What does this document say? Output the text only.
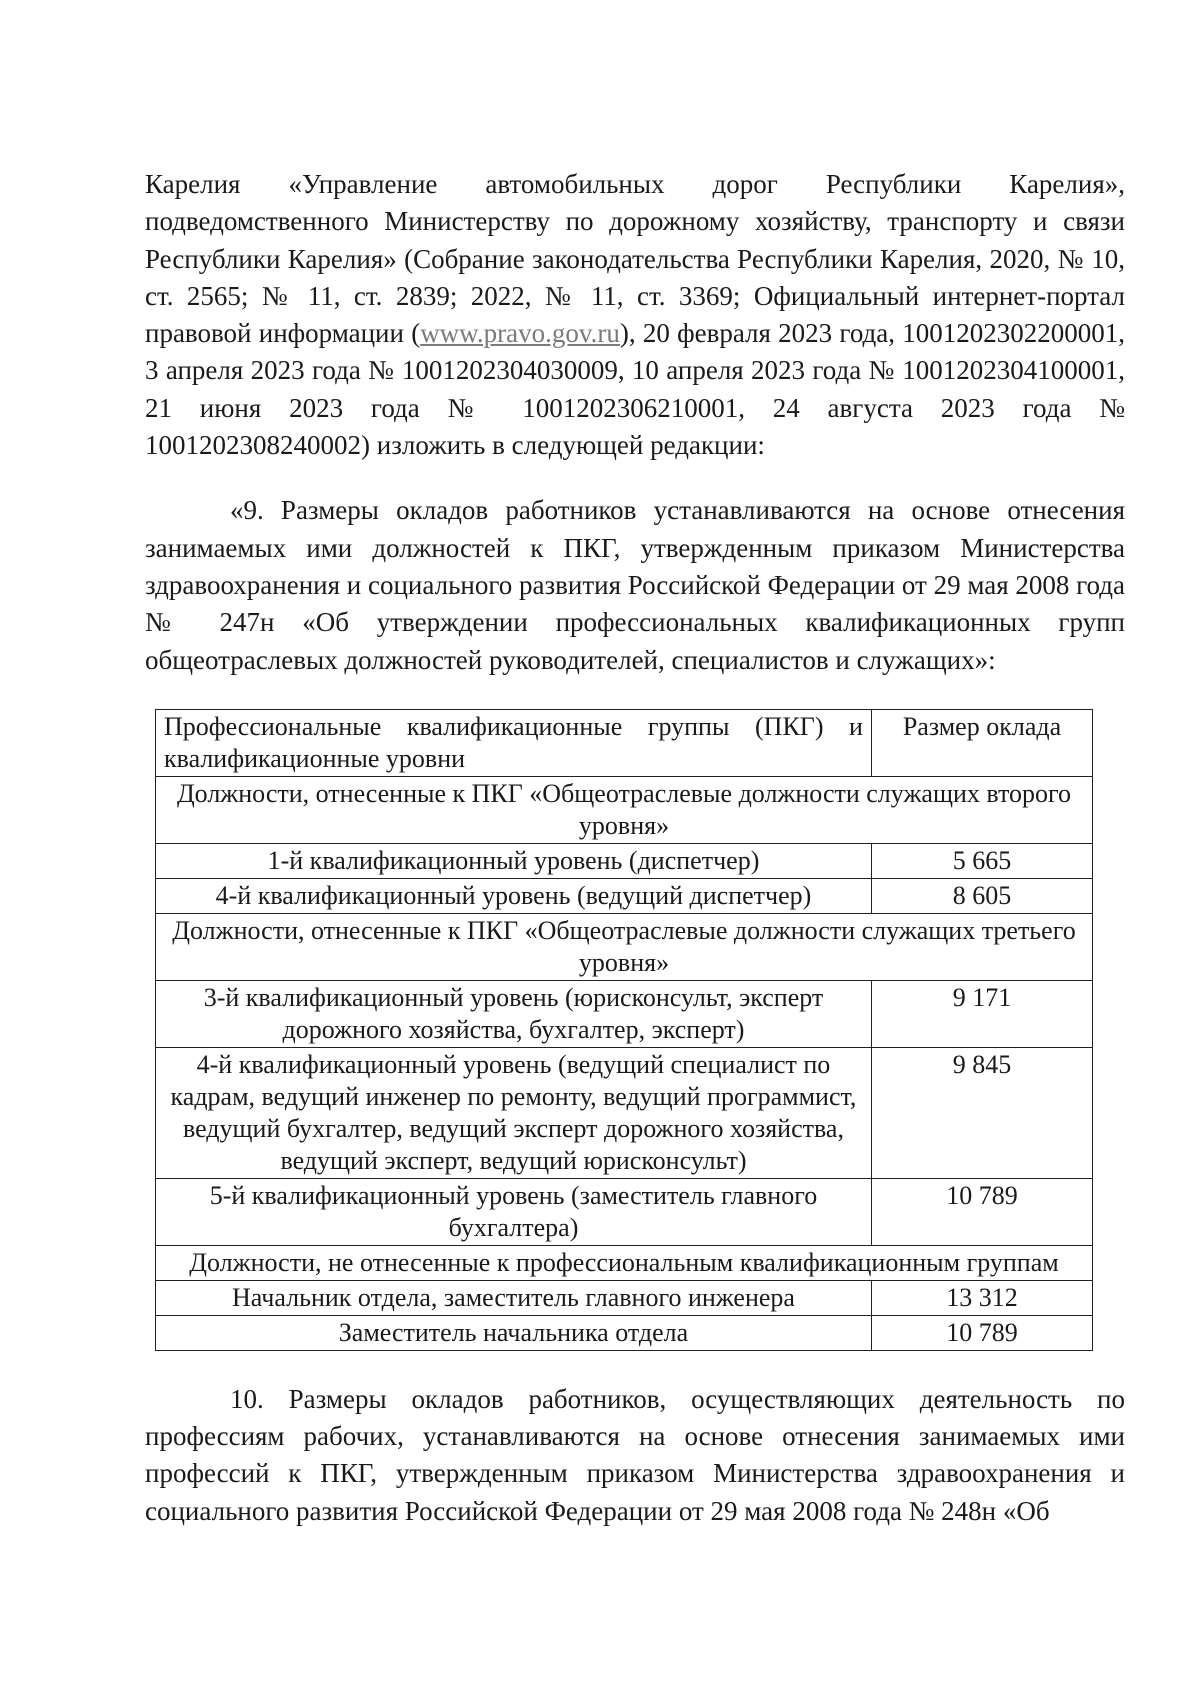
Карелия «Управление автомобильных дорог Республики Карелия», подведомственного Министерству по дорожному хозяйству, транспорту и связи Республики Карелия» (Собрание законодательства Республики Карелия, 2020, № 10, ст. 2565; № 11, ст. 2839; 2022, № 11, ст. 3369; Официальный интернет-портал правовой информации (www.pravo.gov.ru), 20 февраля 2023 года, 1001202302200001, 3 апреля 2023 года № 1001202304030009, 10 апреля 2023 года № 1001202304100001, 21 июня 2023 года № 1001202306210001, 24 августа 2023 года № 1001202308240002) изложить в следующей редакции:

«9. Размеры окладов работников устанавливаются на основе отнесения занимаемых ими должностей к ПКГ, утвержденным приказом Министерства здравоохранения и социального развития Российской Федерации от 29 мая 2008 года № 247н «Об утверждении профессиональных квалификационных групп общеотраслевых должностей руководителей, специалистов и служащих»:

Профессиональные квалификационные группы (ПКГ) и квалификационные уровни	Размер оклада
Должности, отнесенные к ПКГ «Общеотраслевые должности служащих второго уровня»	
1-й квалификационный уровень (диспетчер)	5 665
4-й квалификационный уровень (ведущий диспетчер)	8 605
Должности, отнесенные к ПКГ «Общеотраслевые должности служащих третьего уровня»	
3-й квалификационный уровень (юрисконсульт, эксперт дорожного хозяйства, бухгалтер, эксперт)	9 171
4-й квалификационный уровень (ведущий специалист по кадрам, ведущий инженер по ремонту, ведущий программист, ведущий бухгалтер, ведущий эксперт дорожного хозяйства, ведущий эксперт, ведущий юрисконсульт)	9 845
5-й квалификационный уровень (заместитель главного бухгалтера)	10 789
Должности, не отнесенные к профессиональным квалификационным группам	
Начальник отдела, заместитель главного инженера	13 312
Заместитель начальника отдела	10 789

10. Размеры окладов работников, осуществляющих деятельность по профессиям рабочих, устанавливаются на основе отнесения занимаемых ими профессий к ПКГ, утвержденным приказом Министерства здравоохранения и социального развития Российской Федерации от 29 мая 2008 года № 248н «Об
